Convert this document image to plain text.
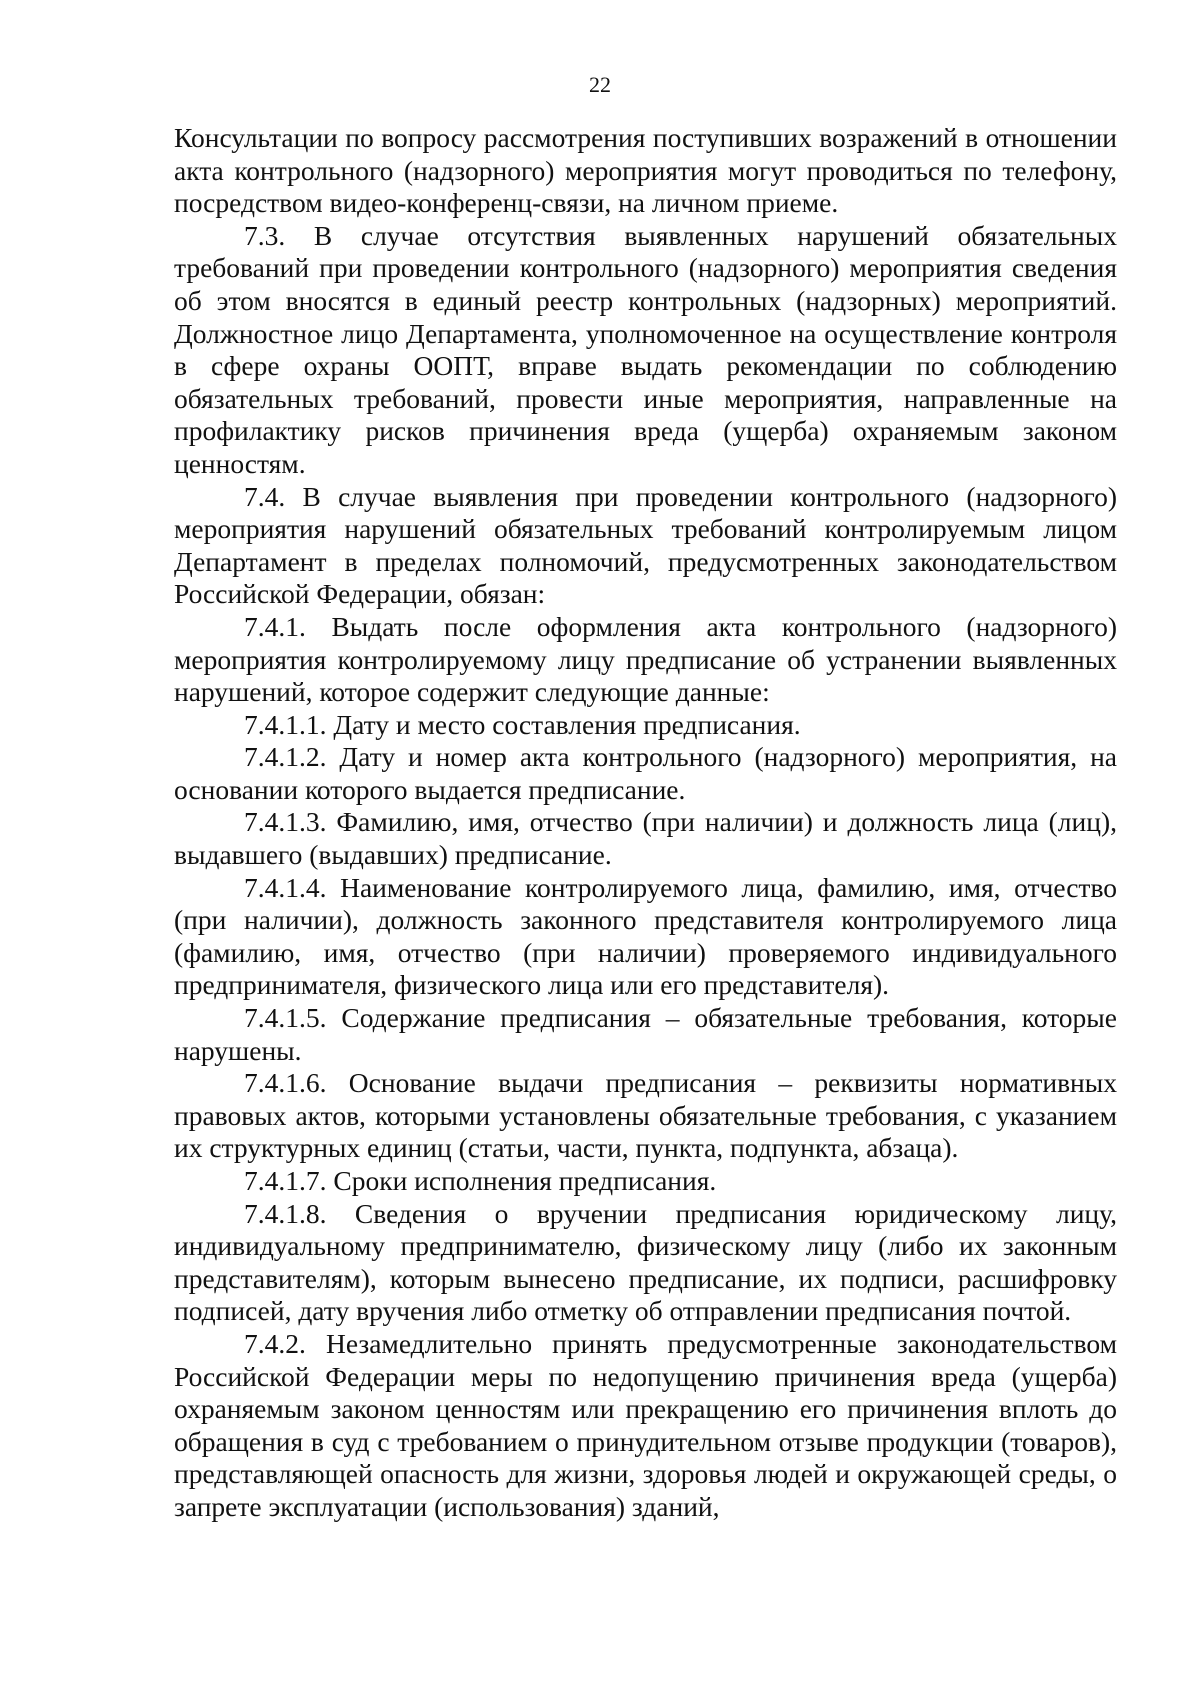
22

Консультации по вопросу рассмотрения поступивших возражений в отношении акта контрольного (надзорного) мероприятия могут проводиться по телефону, посредством видео-конференц-связи, на личном приеме.

7.3. В случае отсутствия выявленных нарушений обязательных требований при проведении контрольного (надзорного) мероприятия сведения об этом вносятся в единый реестр контрольных (надзорных) мероприятий. Должностное лицо Департамента, уполномоченное на осуществление контроля в сфере охраны ООПТ, вправе выдать рекомендации по соблюдению обязательных требований, провести иные мероприятия, направленные на профилактику рисков причинения вреда (ущерба) охраняемым законом ценностям.

7.4. В случае выявления при проведении контрольного (надзорного) мероприятия нарушений обязательных требований контролируемым лицом Департамент в пределах полномочий, предусмотренных законодательством Российской Федерации, обязан:

7.4.1. Выдать после оформления акта контрольного (надзорного) мероприятия контролируемому лицу предписание об устранении выявленных нарушений, которое содержит следующие данные:

7.4.1.1. Дату и место составления предписания.

7.4.1.2. Дату и номер акта контрольного (надзорного) мероприятия, на основании которого выдается предписание.

7.4.1.3. Фамилию, имя, отчество (при наличии) и должность лица (лиц), выдавшего (выдавших) предписание.

7.4.1.4. Наименование контролируемого лица, фамилию, имя, отчество (при наличии), должность законного представителя контролируемого лица (фамилию, имя, отчество (при наличии) проверяемого индивидуального предпринимателя, физического лица или его представителя).

7.4.1.5. Содержание предписания – обязательные требования, которые нарушены.

7.4.1.6. Основание выдачи предписания – реквизиты нормативных правовых актов, которыми установлены обязательные требования, с указанием их структурных единиц (статьи, части, пункта, подпункта, абзаца).

7.4.1.7. Сроки исполнения предписания.

7.4.1.8. Сведения о вручении предписания юридическому лицу, индивидуальному предпринимателю, физическому лицу (либо их законным представителям), которым вынесено предписание, их подписи, расшифровку подписей, дату вручения либо отметку об отправлении предписания почтой.

7.4.2. Незамедлительно принять предусмотренные законодательством Российской Федерации меры по недопущению причинения вреда (ущерба) охраняемым законом ценностям или прекращению его причинения вплоть до обращения в суд с требованием о принудительном отзыве продукции (товаров), представляющей опасность для жизни, здоровья людей и окружающей среды, о запрете эксплуатации (использования) зданий,
